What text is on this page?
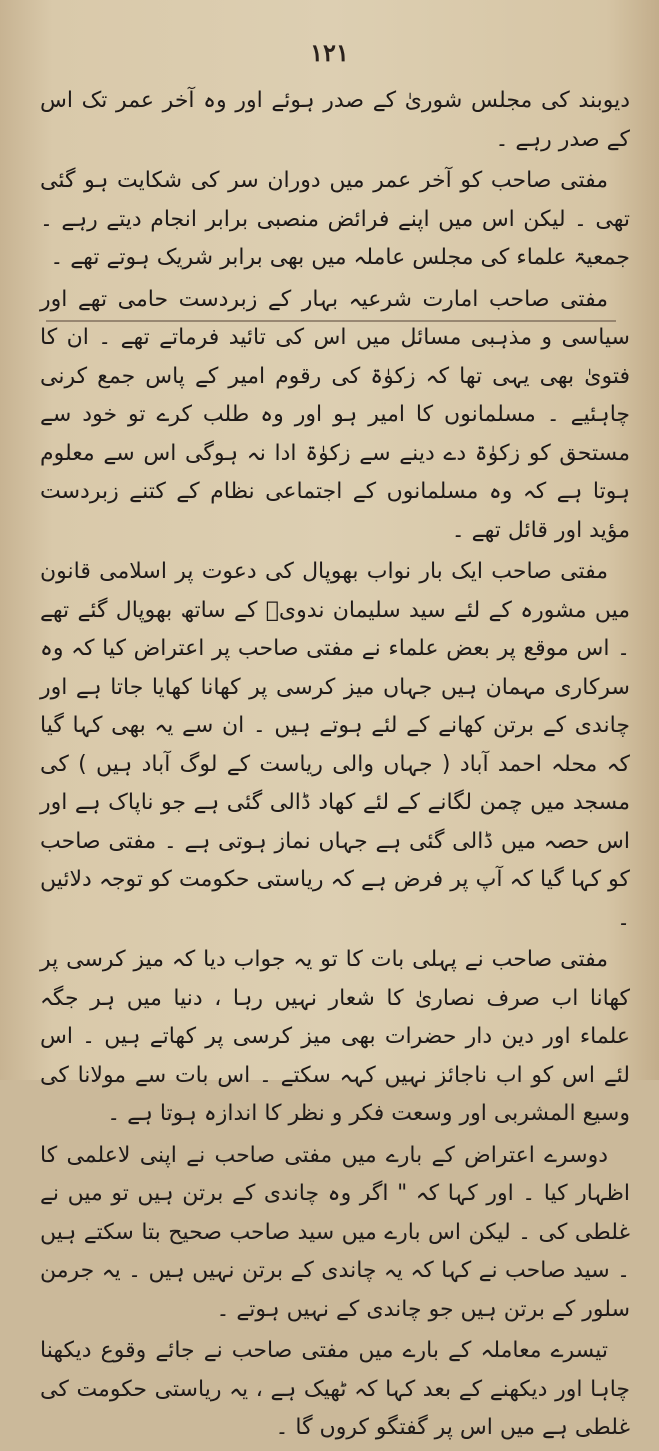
۱۲۱

دیوبند کی مجلس شوریٰ کے صدر ہوئے اور وہ آخر عمر تک اس کے صدر رہے ۔

مفتی صاحب کو آخر عمر میں دوران سر کی شکایت ہو گئی تھی ۔ لیکن اس میں اپنے فرائض منصبی برابر انجام دیتے رہے ۔ جمعیۃ علماء کی مجلس عاملہ میں بھی برابر شریک ہوتے تھے ۔

مفتی صاحب امارت شرعیہ بہار کے زبردست حامی تھے اور سیاسی و مذہبی مسائل میں اس کی تائید فرماتے تھے ۔ ان کا فتویٰ بھی یہی تھا کہ زکوٰۃ کی رقوم امیر کے پاس جمع کرنی چاہئیے ۔ مسلمانوں کا امیر ہو اور وہ طلب کرے تو خود سے مستحق کو زکوٰۃ دے دینے سے زکوٰۃ ادا نہ ہوگی اس سے معلوم ہوتا ہے کہ وہ مسلمانوں کے اجتماعی نظام کے کتنے زبردست مؤید اور قائل تھے ۔

مفتی صاحب ایک بار نواب بھوپال کی دعوت پر اسلامی قانون میں مشورہ کے لئے سید سلیمان ندویؒ کے ساتھ بھوپال گئے تھے ۔ اس موقع پر بعض علماء نے مفتی صاحب پر اعتراض کیا کہ وہ سرکاری مہمان ہیں جہاں میز کرسی پر کھانا کھایا جاتا ہے اور چاندی کے برتن کھانے کے لئے ہوتے ہیں ۔ ان سے یہ بھی کہا گیا کہ محلہ احمد آباد ( جہاں والی ریاست کے لوگ آباد ہیں ) کی مسجد میں چمن لگانے کے لئے کھاد ڈالی گئی ہے جو ناپاک ہے اور اس حصہ میں ڈالی گئی ہے جہاں نماز ہوتی ہے ۔ مفتی صاحب کو کہا گیا کہ آپ پر فرض ہے کہ ریاستی حکومت کو توجہ دلائیں ۔

مفتی صاحب نے پہلی بات کا تو یہ جواب دیا کہ میز کرسی پر کھانا اب صرف نصاریٰ کا شعار نہیں رہا ، دنیا میں ہر جگہ علماء اور دین دار حضرات بھی میز کرسی پر کھاتے ہیں ۔ اس لئے اس کو اب ناجائز نہیں کہہ سکتے ۔ اس بات سے مولانا کی وسیع المشربی اور وسعت فکر و نظر کا اندازہ ہوتا ہے ۔

دوسرے اعتراض کے بارے میں مفتی صاحب نے اپنی لاعلمی کا اظہار کیا ۔ اور کہا کہ " اگر وہ چاندی کے برتن ہیں تو میں نے غلطی کی ۔ لیکن اس بارے میں سید صاحب صحیح بتا سکتے ہیں ۔ سید صاحب نے کہا کہ یہ چاندی کے برتن نہیں ہیں ۔ یہ جرمن سلور کے برتن ہیں جو چاندی کے نہیں ہوتے ۔

تیسرے معاملہ کے بارے میں مفتی صاحب نے جائے وقوع دیکھنا چاہا اور دیکھنے کے بعد کہا کہ ٹھیک ہے ، یہ ریاستی حکومت کی غلطی ہے میں اس پر گفتگو کروں گا ۔
